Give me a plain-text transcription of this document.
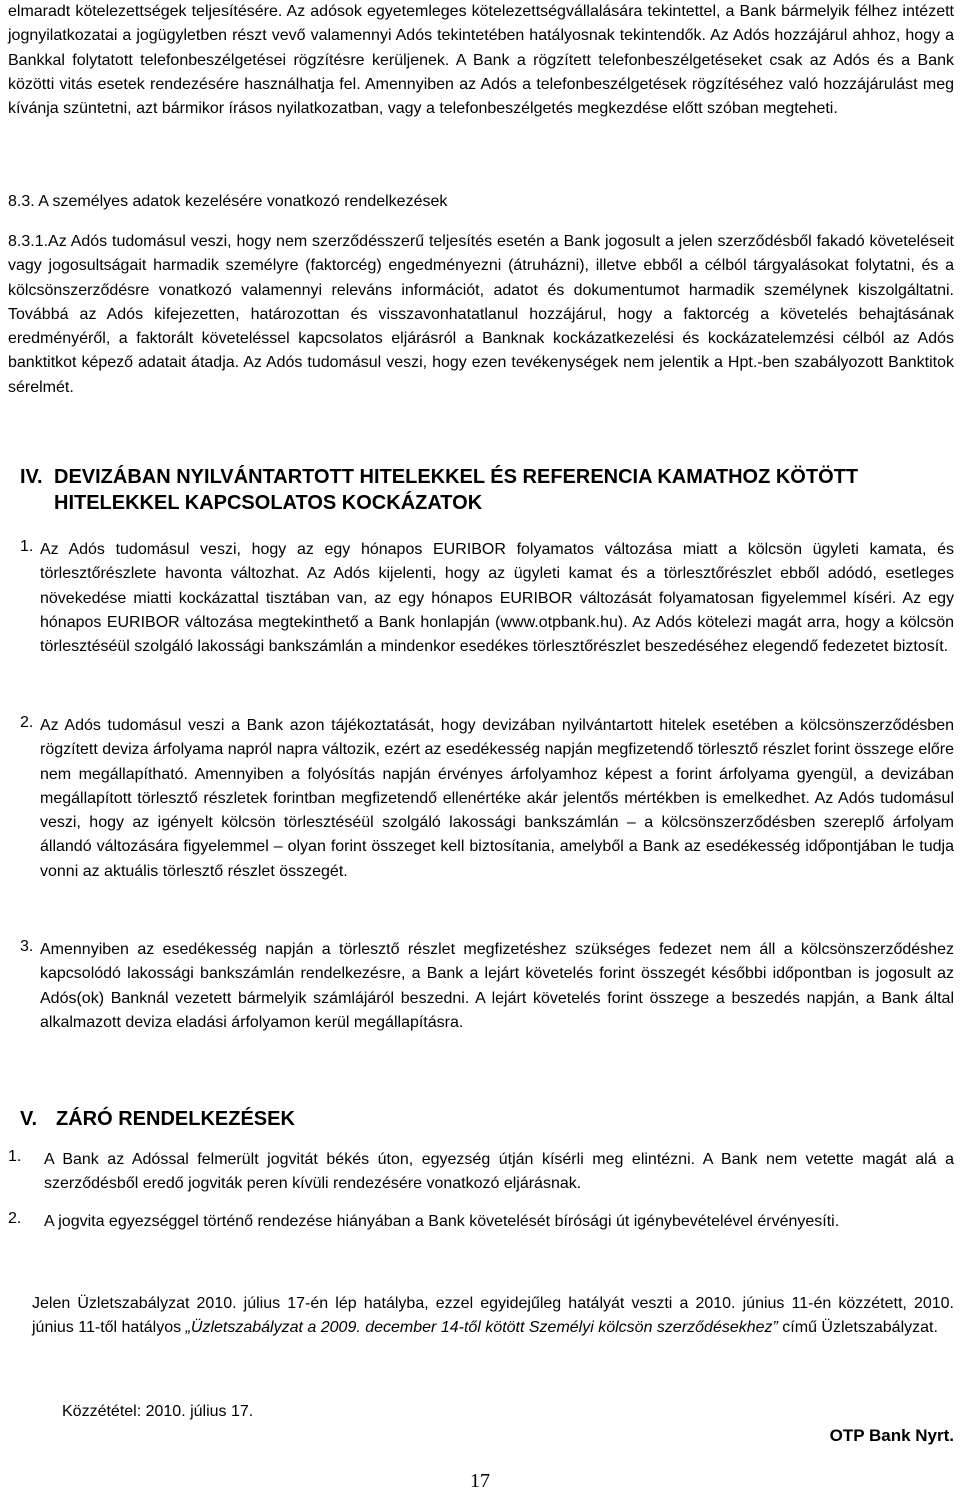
elmaradt kötelezettségek teljesítésére. Az adósok egyetemleges kötelezettségvállalására tekintettel, a Bank bármelyik félhez intézett jognyilatkozatai a jogügyletben részt vevő valamennyi Adós tekintetében hatályosnak tekintendők. Az Adós hozzájárul ahhoz, hogy a Bankkal folytatott telefonbeszélgetései rögzítésre kerüljenek. A Bank a rögzített telefonbeszélgetéseket csak az Adós és a Bank közötti vitás esetek rendezésére használhatja fel. Amennyiben az Adós a telefonbeszélgetések rögzítéséhez való hozzájárulást meg kívánja szüntetni, azt bármikor írásos nyilatkozatban, vagy a telefonbeszélgetés megkezdése előtt szóban megteheti.

8.3. A személyes adatok kezelésére vonatkozó rendelkezések

8.3.1.Az Adós tudomásul veszi, hogy nem szerződésszerű teljesítés esetén a Bank jogosult a jelen szerződésből fakadó követeléseit vagy jogosultságait harmadik személyre (faktorcég) engedményezni (átruházni), illetve ebből a célból tárgyalásokat folytatni, és a kölcsönszerződésre vonatkozó valamennyi releváns információt, adatot és dokumentumot harmadik személynek kiszolgáltatni. Továbbá az Adós kifejezetten, határozottan és visszavonhatatlanul hozzájárul, hogy a faktorcég a követelés behajtásának eredményéről, a faktorált követeléssel kapcsolatos eljárásról a Banknak kockázatkezelési és kockázatelemzési célból az Adós banktitkot képező adatait átadja. Az Adós tudomásul veszi, hogy ezen tevékenységek nem jelentik a Hpt.-ben szabályozott Banktitok sérelmét.

IV. DEVIZÁBAN NYILVÁNTARTOTT HITELEKKEL ÉS REFERENCIA KAMATHOZ KÖTÖTT HITELEKKEL KAPCSOLATOS KOCKÁZATOK
1. Az Adós tudomásul veszi, hogy az egy hónapos EURIBOR folyamatos változása miatt a kölcsön ügyleti kamata, és törlesztőrészlete havonta változhat. Az Adós kijelenti, hogy az ügyleti kamat és a törlesztőrészlet ebből adódó, esetleges növekedése miatti kockázattal tisztában van, az egy hónapos EURIBOR változását folyamatosan figyelemmel kíséri. Az egy hónapos EURIBOR változása megtekinthető a Bank honlapján (www.otpbank.hu). Az Adós kötelezi magát arra, hogy a kölcsön törlesztéséül szolgáló lakossági bankszámlán a mindenkor esedékes törlesztőrészlet beszedéséhez elegendő fedezetet biztosít.
2. Az Adós tudomásul veszi a Bank azon tájékoztatását, hogy devizában nyilvántartott hitelek esetében a kölcsönszerződésben rögzített deviza árfolyama napról napra változik, ezért az esedékesség napján megfizetendő törlesztő részlet forint összege előre nem megállapítható. Amennyiben a folyósítás napján érvényes árfolyamhoz képest a forint árfolyama gyengül, a devizában megállapított törlesztő részletek forintban megfizetendő ellenértéke akár jelentős mértékben is emelkedhet. Az Adós tudomásul veszi, hogy az igényelt kölcsön törlesztéséül szolgáló lakossági bankszámlán – a kölcsönszerződésben szereplő árfolyam állandó változására figyelemmel – olyan forint összeget kell biztosítania, amelyből a Bank az esedékesség időpontjában le tudja vonni az aktuális törlesztő részlet összegét.
3. Amennyiben az esedékesség napján a törlesztő részlet megfizetéshez szükséges fedezet nem áll a kölcsönszerződéshez kapcsolódó lakossági bankszámlán rendelkezésre, a Bank a lejárt követelés forint összegét későbbi időpontban is jogosult az Adós(ok) Banknál vezetett bármelyik számlájáról beszedni. A lejárt követelés forint összege a beszedés napján, a Bank által alkalmazott deviza eladási árfolyamon kerül megállapításra.
V. ZÁRÓ RENDELKEZÉSEK
1.	A Bank az Adóssal felmerült jogvitát békés úton, egyezség útján kísérli meg elintézni. A Bank nem vetette magát alá a szerződésből eredő jogviták peren kívüli rendezésére vonatkozó eljárásnak.
2.	A jogvita egyezséggel történő rendezése hiányában a Bank követelését bírósági út igénybevételével érvényesíti.

Jelen Üzletszabályzat 2010. július 17-én lép hatályba, ezzel egyidejűleg hatályát veszti a 2010. június 11-én közzétett, 2010. június 11-től hatályos „Üzletszabályzat a 2009. december 14-től kötött Személyi kölcsön szerződésekhez” című Üzletszabályzat.

Közzététel: 2010. július 17.

OTP Bank Nyrt.

17
